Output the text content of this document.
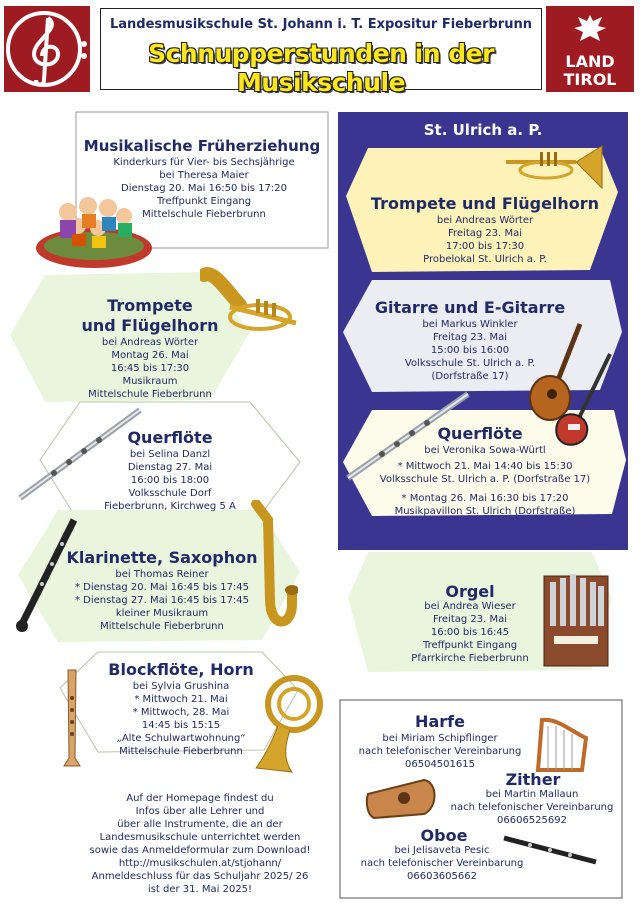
Landesmusikschule St. Johann i. T. Expositur Fieberbrunn
Schnupperstunden in der Musikschule
LAND
TIROL
Musikalische Früherziehung
Kinderkurs für Vier- bis Sechsjährige
bei Theresa Maier
Dienstag 20. Mai 16:50 bis 17:20
Treffpunkt Eingang
Mittelschule Fieberbrunn
Trompete
und Flügelhorn
bei Andreas Wörter
Montag 26. Mai
16:45 bis 17:30
Musikraum
Mittelschule Fieberbrunn
Querflöte
bei Selina Danzl
Dienstag 27. Mai
16:00 bis 18:00
Volksschule Dorf
Fieberbrunn, Kirchweg 5 A
Klarinette, Saxophon
bei Thomas Reiner
* Dienstag 20. Mai 16:45 bis 17:45
* Dienstag 27. Mai 16:45 bis 17:45
kleiner Musikraum
Mittelschule Fieberbrunn
Blockflöte, Horn
bei Sylvia Grushina
* Mittwoch 21. Mai
* Mittwoch, 28. Mai
14:45 bis 15:15
„Alte Schulwartwohnung“
Mittelschule Fieberbrunn
Auf der Homepage findest du
Infos über alle Lehrer und
über alle Instrumente, die an der
Landesmusikschule unterrichtet werden
sowie das Anmeldeformular zum Download!
http://musikschulen.at/stjohann/
Anmeldeschluss für das Schuljahr 2025/ 26
ist der 31. Mai 2025!
St. Ulrich a. P.
Trompete und Flügelhorn
bei Andreas Wörter
Freitag 23. Mai
17:00 bis 17:30
Probelokal St. Ulrich a. P.
Gitarre und E-Gitarre
bei Markus Winkler
Freitag 23. Mai
15:00 bis 16:00
Volksschule St. Ulrich a. P.
(Dorfstraße 17)
Querflöte
bei Veronika Sowa-Würtl
* Mittwoch 21. Mai 14:40 bis 15:30
Volksschule St. Ulrich a. P. (Dorfstraße 17)
* Montag 26. Mai 16:30 bis 17:20
Musikpavillon St. Ulrich (Dorfstraße)
Orgel
bei Andrea Wieser
Freitag 23. Mai
16:00 bis 16:45
Treffpunkt Eingang
Pfarrkirche Fieberbrunn
Harfe
bei Miriam Schipflinger
nach telefonischer Vereinbarung
06504501615
Zither
bei Martin Mallaun
nach telefonischer Vereinbarung
06606525692
Oboe
bei Jelisaveta Pesic
nach telefonischer Vereinbarung
06603605662
